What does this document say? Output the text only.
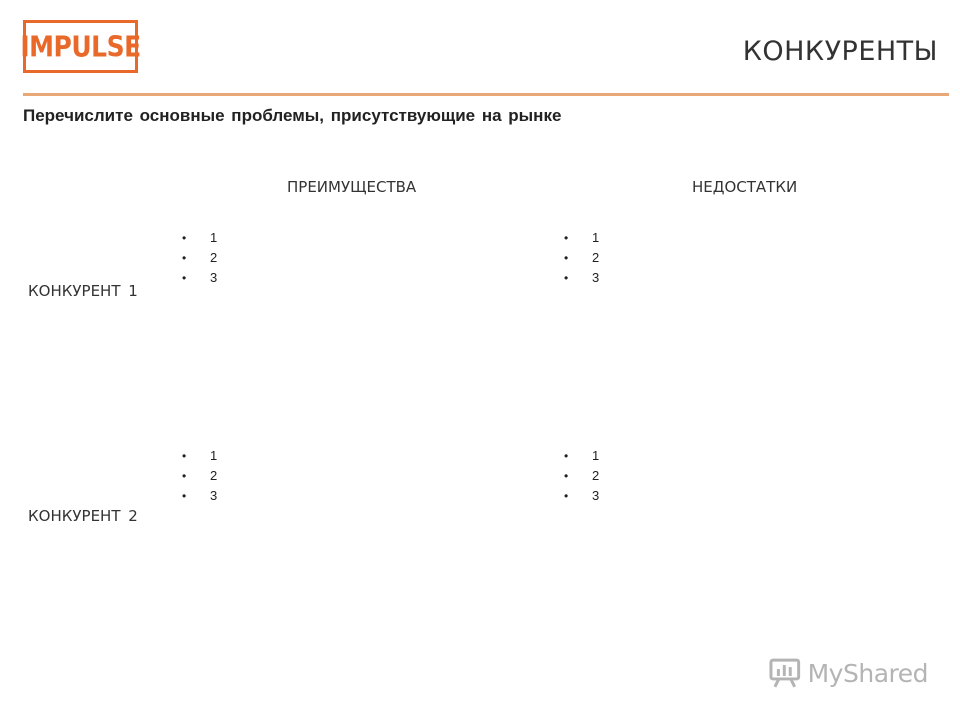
IMPULSE	КОНКУРЕНТЫ
Перечислите основные проблемы, присутствующие на рынке
ПРЕИМУЩЕСТВА	НЕДОСТАТКИ
КОНКУРЕНТ 1
• 1
• 2
• 3
• 1
• 2
• 3
КОНКУРЕНТ 2
• 1
• 2
• 3
• 1
• 2
• 3
MyShared
